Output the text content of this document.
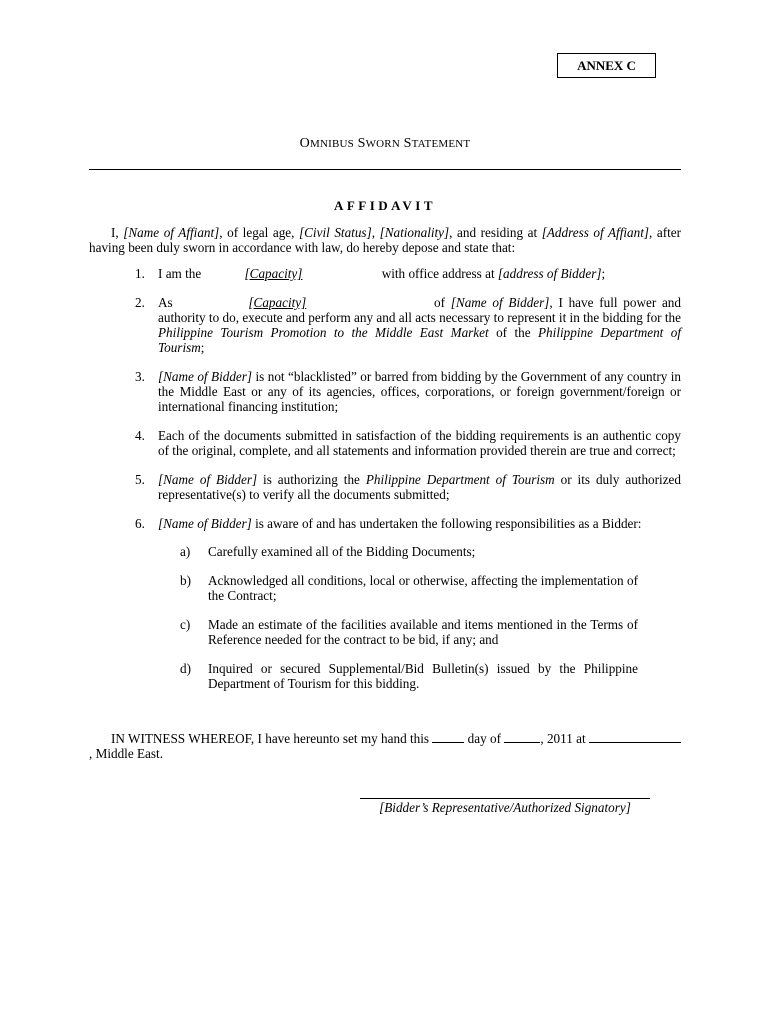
ANNEX C
OMNIBUS SWORN STATEMENT
AFFIDAVIT
I, [Name of Affiant], of legal age, [Civil Status], [Nationality], and residing at [Address of Affiant], after having been duly sworn in accordance with law, do hereby depose and state that:
1. I am the	[Capacity]	with office address at [address of Bidder];
2. As	[Capacity]	of [Name of Bidder], I have full power and authority to do, execute and perform any and all acts necessary to represent it in the bidding for the Philippine Tourism Promotion to the Middle East Market of the Philippine Department of Tourism;
3. [Name of Bidder] is not “blacklisted” or barred from bidding by the Government of any country in the Middle East or any of its agencies, offices, corporations, or foreign government/foreign or international financing institution;
4. Each of the documents submitted in satisfaction of the bidding requirements is an authentic copy of the original, complete, and all statements and information provided therein are true and correct;
5. [Name of Bidder] is authorizing the Philippine Department of Tourism or its duly authorized representative(s) to verify all the documents submitted;
6. [Name of Bidder] is aware of and has undertaken the following responsibilities as a Bidder:
a) Carefully examined all of the Bidding Documents;
b) Acknowledged all conditions, local or otherwise, affecting the implementation of the Contract;
c) Made an estimate of the facilities available and items mentioned in the Terms of Reference needed for the contract to be bid, if any; and
d) Inquired or secured Supplemental/Bid Bulletin(s) issued by the Philippine Department of Tourism for this bidding.
IN WITNESS WHEREOF, I have hereunto set my hand this  day of	, 2011 at , Middle East.
[Bidder’s Representative/Authorized Signatory]
